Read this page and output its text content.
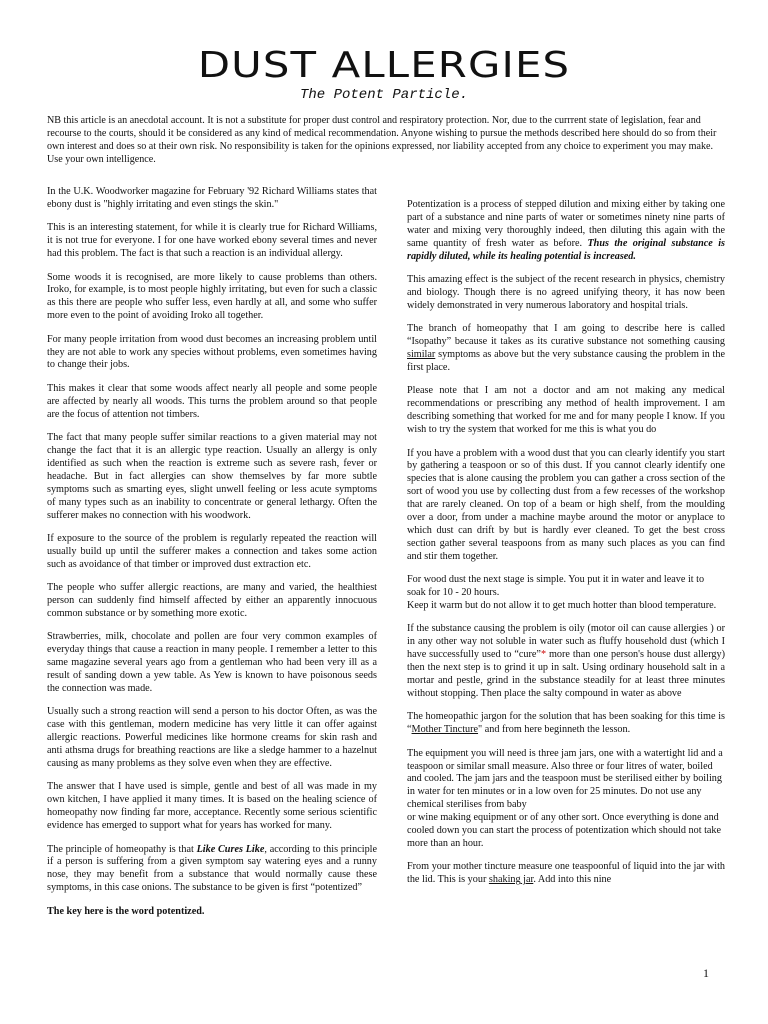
DUST ALLERGIES
The Potent Particle.

NB this article is an anecdotal account. It is not a substitute for proper dust control and respiratory protection. Nor, due to the currrent state of legislation, fear and recourse to the courts, should it be considered as any kind of medical recommendation. Anyone wishing to pursue the methods described here should do so from their own interest and does so at their own risk. No responsibility is taken for the opinions expressed, nor liability accepted from any choice to experiment you may make. Use your own intelligence.

In the U.K. Woodworker magazine for February '92 Richard Williams states that ebony dust is "highly irritating and even stings the skin."

This is an interesting statement, for while it is clearly true for Richard Williams, it is not true for everyone. I for one have worked ebony several times and never had this problem. The fact is that such a reaction is an individual allergy.

Some woods it is recognised, are more likely to cause problems than others. Iroko, for example, is to most people highly irritating, but even for such a classic as this there are people who suffer less, even hardly at all, and some who suffer more even to the point of avoiding Iroko all together.

For many people irritation from wood dust becomes an increasing problem until they are not able to work any species without problems, even sometimes having to change their jobs.

This makes it clear that some woods affect nearly all people and some people are affected by nearly all woods. This turns the problem around so that people are the focus of attention not timbers.

The fact that many people suffer similar reactions to a given material may not change the fact that it is an allergic type reaction. Usually an allergy is only identified as such when the reaction is extreme such as severe rash, fever or headache. But in fact allergies can show themselves by far more subtle symptoms such as smarting eyes, slight unwell feeling or less acute symptoms of many types such as an inability to concentrate or general lethargy. Often the sufferer makes no connection with his woodwork.

If exposure to the source of the problem is regularly repeated the reaction will usually build up until the sufferer makes a connection and takes some action such as avoidance of that timber or improved dust extraction etc.

The people who suffer allergic reactions, are many and varied, the healthiest person can suddenly find himself affected by either an apparently innocuous common substance or by something more exotic.

Strawberries, milk, chocolate and pollen are four very common examples of everyday things that cause a reaction in many people. I remember a letter to this same magazine several years ago from a gentleman who had been very ill as a result of sanding down a yew table. As Yew is known to have poisonous seeds the connection was made.

Usually such a strong reaction will send a person to his doctor Often, as was the case with this gentleman, modern medicine has very little it can offer against allergic reactions. Powerful medicines like hormone creams for skin rash and anti athsma drugs for breathing reactions are like a sledge hammer to a hazelnut causing as many problems as they solve even when they are effective.

The answer that I have used is simple, gentle and best of all was made in my own kitchen, I have applied it many times. It is based on the healing science of homeopathy now finding far more, acceptance. Recently some serious scientific evidence has emerged to support what for years has worked for many.

The principle of homeopathy is that Like Cures Like, according to this principle if a person is suffering from a given symptom say watering eyes and a runny nose, they may benefit from a substance that would normally cause these symptoms, in this case onions. The substance to be given is first “potentized”

The key here is the word potentized.

Potentization is a process of stepped dilution and mixing either by taking one part of a substance and nine parts of water or sometimes ninety nine parts of water and mixing very thoroughly indeed, then diluting this again with the same quantity of fresh water as before. Thus the original substance is rapidly diluted, while its healing potential is increased.

This amazing effect is the subject of the recent research in physics, chemistry and biology. Though there is no agreed unifying theory, it has now been widely demonstrated in very numerous laboratory and hospital trials.

The branch of homeopathy that I am going to describe here is called “Isopathy” because it takes as its curative substance not something causing similar symptoms as above but the very substance causing the problem in the first place.

Please note that I am not a doctor and am not making any medical recommendations or prescribing any method of health improvement. I am describing something that worked for me and for many people I know. If you wish to try the system that worked for me this is what you do

If you have a problem with a wood dust that you can clearly identify you start by gathering a teaspoon or so of this dust. If you cannot clearly identify one species that is alone causing the problem you can gather a cross section of the sort of wood you use by collecting dust from a few recesses of the workshop that are rarely cleaned. On top of a beam or high shelf, from the moulding over a door, from under a machine maybe around the motor or anyplace to which dust can drift by but is hardly ever cleaned. To get the best cross section gather several teaspoons from as many such places as you can find and stir them together.

For wood dust the next stage is simple. You put it in water and leave it to soak for 10 - 20 hours.
Keep it warm but do not allow it to get much hotter than blood temperature.

If the substance causing the problem is oily (motor oil can cause allergies ) or in any other way not soluble in water such as fluffy household dust (which I have successfully used to “cure”* more than one person's house dust allergy) then the next step is to grind it up in salt. Using ordinary household salt in a mortar and pestle, grind in the substance steadily for at least three minutes without stopping. Then place the salty compound in water as above

The homeopathic jargon for the solution that has been soaking for this time is “Mother Tincture" and from here beginneth the lesson.

The equipment you will need is three jam jars, one with a watertight lid and a teaspoon or similar small measure. Also three or four litres of water, boiled and cooled. The jam jars and the teaspoon must be sterilised either by boiling in water for ten minutes or in a low oven for 25 minutes. Do not use any chemical sterilises from baby
or wine making equipment or of any other sort. Once everything is done and cooled down you can start the process of potentization which should not take more than an hour.

From your mother tincture measure one teaspoonful of liquid into the jar with the lid. This is your shaking jar. Add into this nine

1
